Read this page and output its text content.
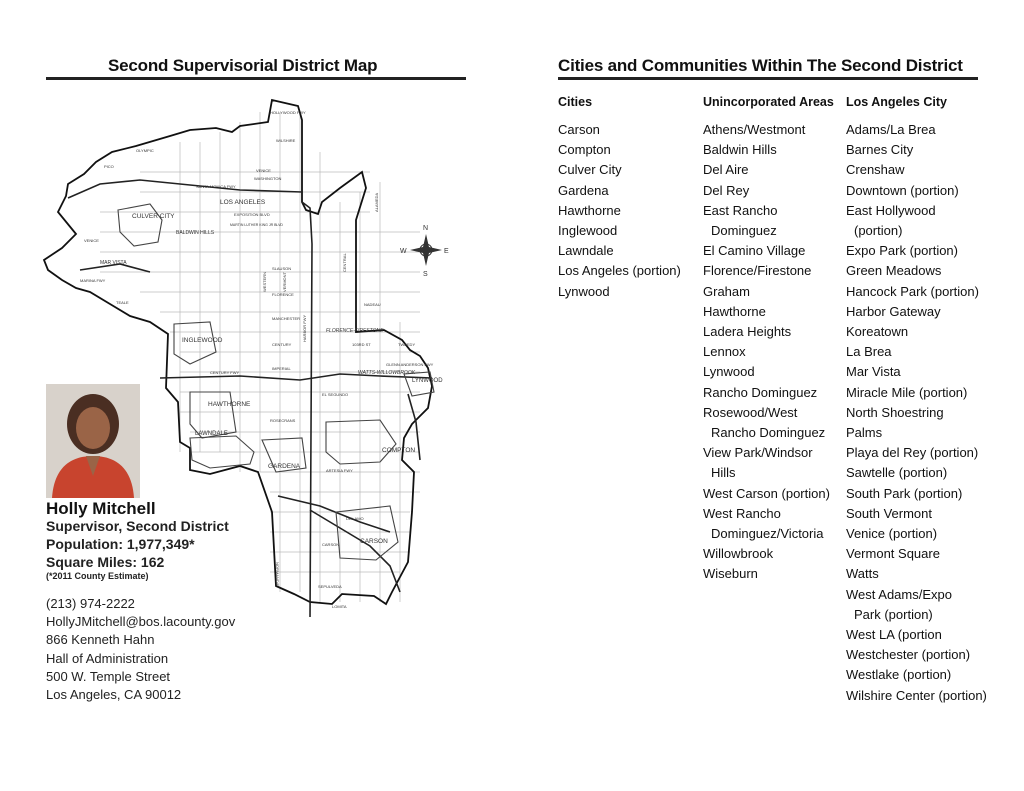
Second Supervisorial District Map
CULVER CITY
LOS ANGELES
BALDWIN HILLS
INGLEWOOD
HAWTHORNE
LAWNDALE
GARDENA
COMPTON
CARSON
LYNWOOD
FLORENCE-FIRESTONE
WATTS-WILLOWBROOK
MAR VISTA
VENICE
WILSHIRE
OLYMPIC
VENICE
WASHINGTON
SANTA MONICA FWY
EXPOSITION BLVD
MARTIN LUTHER KING JR BLVD
SLAUSON
FLORENCE
MANCHESTER
CENTURY
IMPERIAL
103RD ST
EL SEGUNDO
ROSECRANS
ARTESIA FWY
DEL AMO
CARSON
SEPULVEDA
LOMITA
HARBOR FWY
CENTRAL
WESTERN	VERMONT
NORMANDIE
CENTURY FWY
TWEEDY
GLENN ANDERSON FWY
ALAMEDA
MARINA FWY
TEALE
HOLLYWOOD FWY
PICO
NADEAU
N
E
S
W
Holly Mitchell
Supervisor, Second District
Population: 1,977,349*
Square Miles: 162
(*2011 County Estimate)
(213) 974-2222
HollyJMitchell@bos.lacounty.gov
866 Kenneth Hahn
Hall of Administration
500 W. Temple Street
Los Angeles, CA 90012
Cities and Communities Within The Second District
Cities	Unincorporated Areas Los Angeles City
Carson
Compton
Culver City
Gardena
Hawthorne
Inglewood
Lawndale
Los Angeles (portion)
Lynwood
Athens/Westmont
Baldwin Hills
Del Aire
Del Rey
East Rancho
Dominguez
El Camino Village
Florence/Firestone
Graham
Hawthorne
Ladera Heights
Lennox
Lynwood
Rancho Dominguez
Rosewood/West
Rancho Dominguez
View Park/Windsor
Hills
West Carson (portion)
West Rancho
Dominguez/Victoria
Willowbrook
Wiseburn
Adams/La Brea
Barnes City
Crenshaw
Downtown (portion)
East Hollywood
(portion)
Expo Park (portion)
Green Meadows
Hancock Park (portion)
Harbor Gateway
Koreatown
La Brea
Mar Vista
Miracle Mile (portion)
North Shoestring
Palms
Playa del Rey (portion)
Sawtelle (portion)
South Park (portion)
South Vermont
Venice (portion)
Vermont Square
Watts
West Adams/Expo
Park (portion)
West LA (portion
Westchester (portion)
Westlake (portion)
Wilshire Center (portion)
